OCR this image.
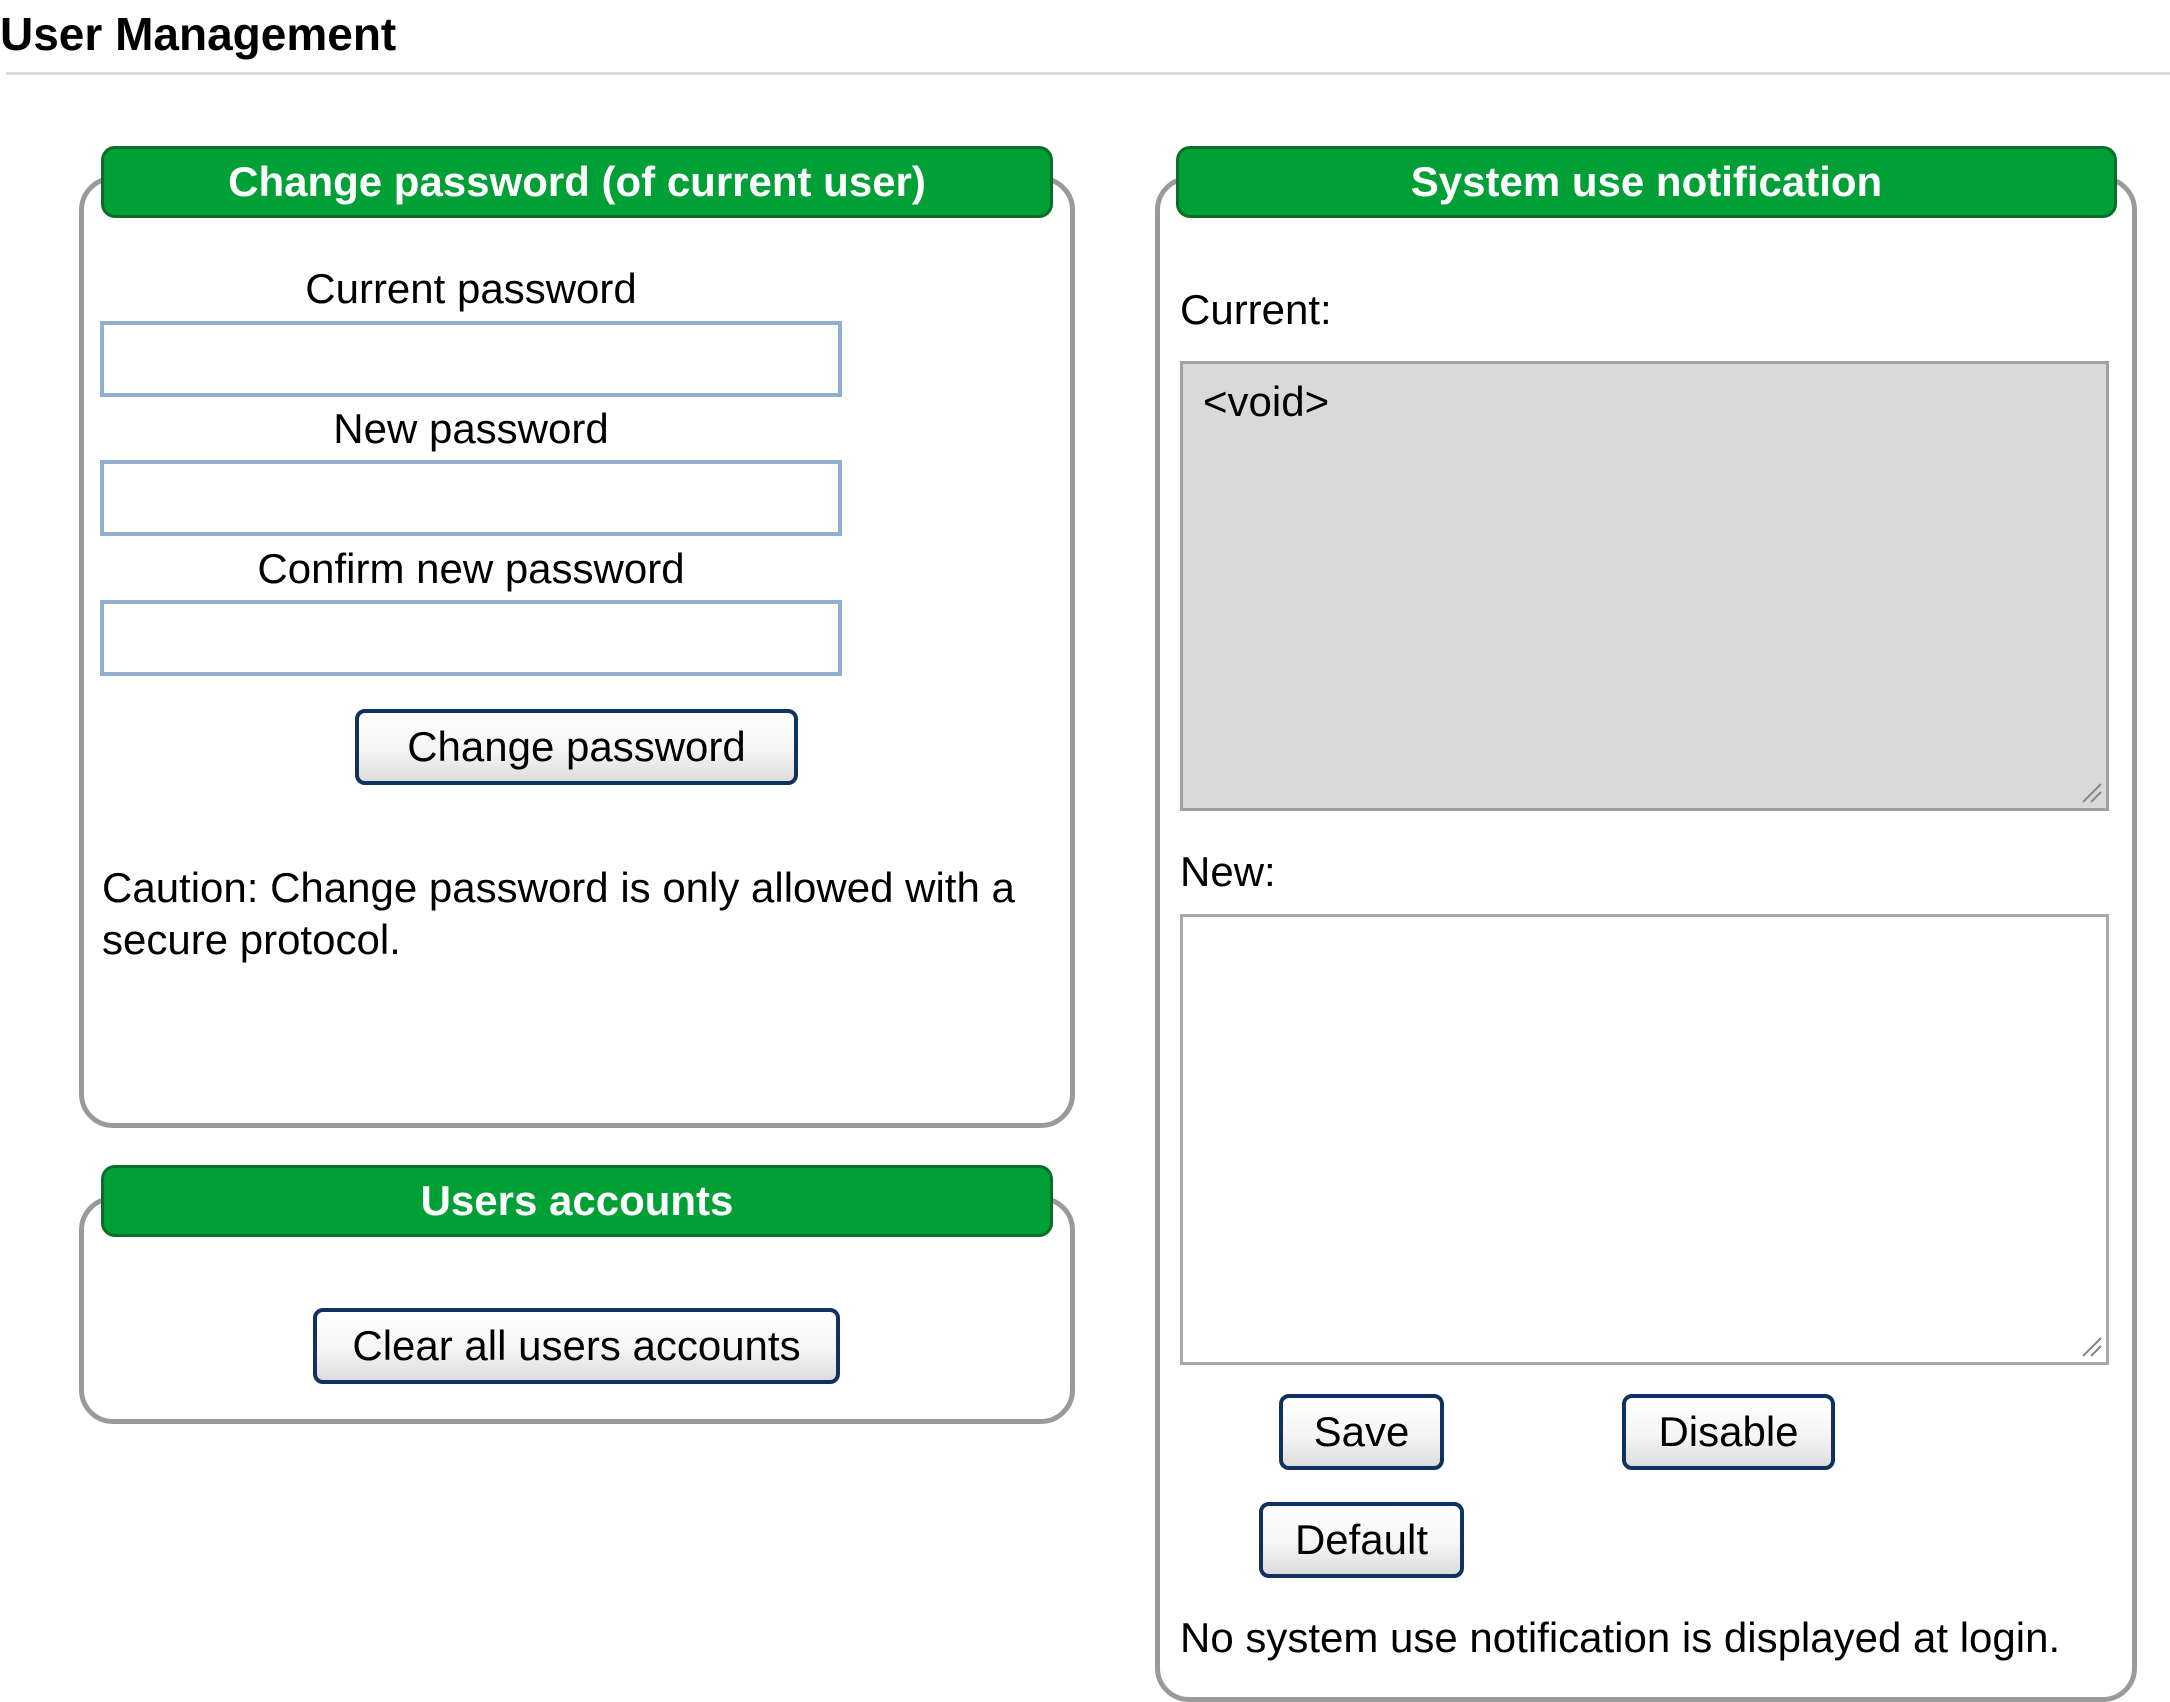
User Management
Change password (of current user)
Current password
New password
Confirm new password
Change password
Caution: Change password is only allowed with a secure protocol.
Users accounts
Clear all users accounts
System use notification
Current:
<void>
New:
Save	Disable
Default
No system use notification is displayed at login.
